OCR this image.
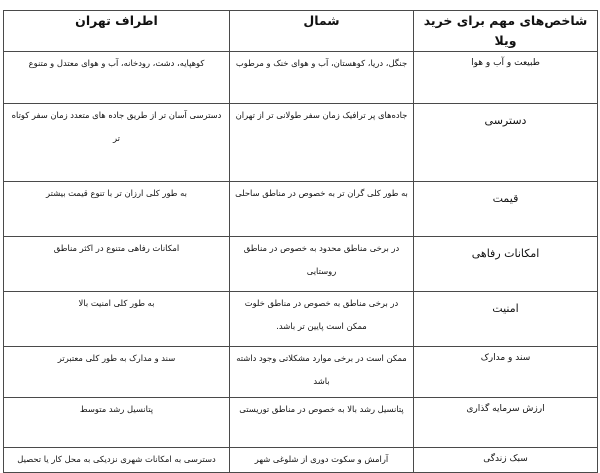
شاخص‌های مهم برای خرید ویلا	شمال	اطراف تهران
طبیعت و آب و هوا	جنگل، دریا، کوهستان، آب و هوای خنک و مرطوب	کوهپایه، دشت، رودخانه، آب و هوای معتدل و متنوع
دسترسی	جاده‌های پر ترافیک زمان سفر طولانی تر از تهران	دسترسی آسان تر از طریق جاده های متعدد زمان سفر کوتاه تر
قیمت	به طور کلی گران تر به خصوص در مناطق ساحلی	به طور کلی ارزان تر با تنوع قیمت بیشتر
امکانات رفاهی	در برخی مناطق محدود به خصوص در مناطق روستایی	امکانات رفاهی متنوع در اکثر مناطق
امنیت	در برخی مناطق به خصوص در مناطق خلوت ممکن است پایین تر باشد.	به طور کلی امنیت بالا
سند و مدارک	ممکن است در برخی موارد مشکلاتی وجود داشته باشد	سند و مدارک به طور کلی معتبرتر
ارزش سرمایه گذاری	پتانسیل رشد بالا به خصوص در مناطق توریستی	پتانسیل رشد متوسط
سبک زندگی	آرامش و سکوت دوری از شلوغی شهر	دسترسی به امکانات شهری نزدیکی به محل کار یا تحصیل
